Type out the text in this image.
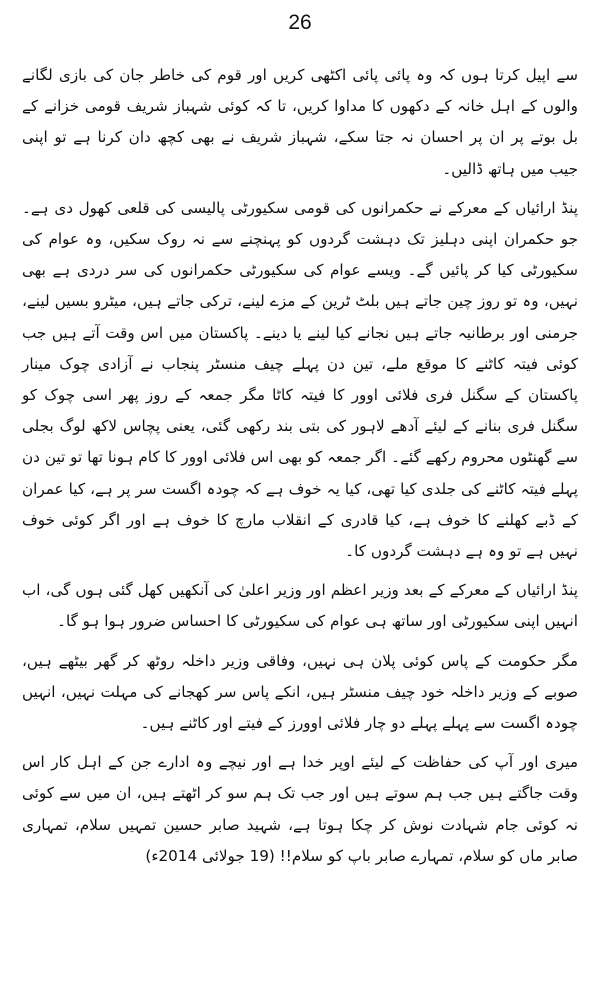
26

سے اپیل کرتا ہوں کہ وہ پائی پائی اکٹھی کریں اور قوم کی خاطر جان کی بازی لگانے والوں کے اہل خانہ کے دکھوں کا مداوا کریں، تا کہ کوئی شہباز شریف قومی خزانے کے بل بوتے پر ان پر احسان نہ جتا سکے، شہباز شریف نے بھی کچھ دان کرنا ہے تو اپنی جیب میں ہاتھ ڈالیں۔

پنڈ ارائیاں کے معرکے نے حکمرانوں کی قومی سکیورٹی پالیسی کی قلعی کھول دی ہے۔ جو حکمران اپنی دہلیز تک دہشت گردوں کو پہنچنے سے نہ روک سکیں، وہ عوام کی سکیورٹی کیا کر پائیں گے۔ ویسے عوام کی سکیورٹی حکمرانوں کی سر دردی ہے بھی نہیں، وہ تو روز چین جاتے ہیں بلٹ ٹرین کے مزے لینے، ترکی جاتے ہیں، میٹرو بسیں لینے، جرمنی اور برطانیہ جاتے ہیں نجانے کیا لینے یا دینے۔ پاکستان میں اس وقت آتے ہیں جب کوئی فیتہ کاٹنے کا موقع ملے، تین دن پہلے چیف منسٹر پنجاب نے آزادی چوک مینار پاکستان کے سگنل فری فلائی اوور کا فیتہ کاٹا مگر جمعہ کے روز پھر اسی چوک کو سگنل فری بنانے کے لیئے آدھے لاہور کی بتی بند رکھی گئی، یعنی پچاس لاکھ لوگ بجلی سے گھنٹوں محروم رکھے گئے۔ اگر جمعہ کو بھی اس فلائی اوور کا کام ہونا تھا تو تین دن پہلے فیتہ کاٹنے کی جلدی کیا تھی، کیا یہ خوف ہے کہ چودہ اگست سر پر ہے، کیا عمران کے ڈبے کھلنے کا خوف ہے، کیا قادری کے انقلاب مارچ کا خوف ہے اور اگر کوئی خوف نہیں ہے تو وہ ہے دہشت گردوں کا۔

پنڈ ارائیاں کے معرکے کے بعد وزیر اعظم اور وزیر اعلیٰ کی آنکھیں کھل گئی ہوں گی، اب انہیں اپنی سکیورٹی اور ساتھ ہی عوام کی سکیورٹی کا احساس ضرور ہوا ہو گا۔

مگر حکومت کے پاس کوئی پلان ہی نہیں، وفاقی وزیر داخلہ روٹھ کر گھر بیٹھے ہیں، صوبے کے وزیر داخلہ خود چیف منسٹر ہیں، انکے پاس سر کھجانے کی مہلت نہیں، انہیں چودہ اگست سے پہلے پہلے دو چار فلائی اوورز کے فیتے اور کاٹنے ہیں۔

میری اور آپ کی حفاظت کے لیئے اوپر خدا ہے اور نیچے وہ ادارے جن کے اہل کار اس وقت جاگتے ہیں جب ہم سوتے ہیں اور جب تک ہم سو کر اٹھتے ہیں، ان میں سے کوئی نہ کوئی جام شہادت نوش کر چکا ہوتا ہے، شہید صابر حسین تمہیں سلام، تمہاری صابر ماں کو سلام، تمہارے صابر باپ کو سلام!! (19 جولائی 2014ء)
